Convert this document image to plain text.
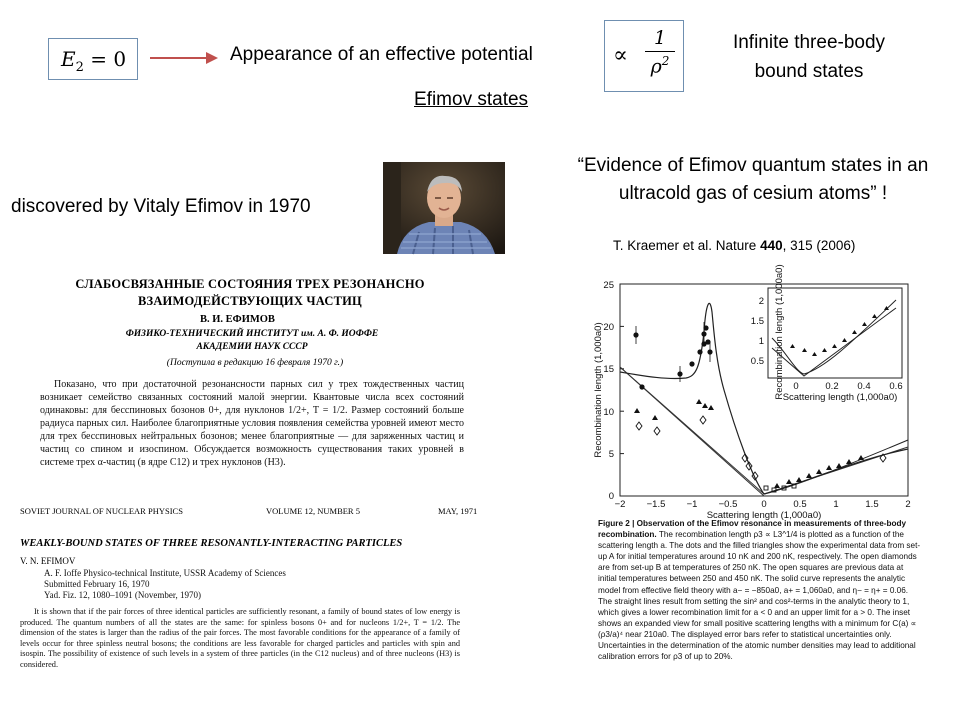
$E_2 = 0$	Appearance of an effective potential	∝
1
$\rho^2$
Infinite three-body bound states
Efimov states
discovered by Vitaly Efimov in 1970
“Evidence of Efimov quantum states in an ultracold gas of cesium atoms” !
T. Kraemer et al. Nature 440, 315 (2006)
СЛАБОСВЯЗАННЫЕ СОСТОЯНИЯ ТРЕХ РЕЗОНАНСНО ВЗАИМОДЕЙСТВУЮЩИХ ЧАСТИЦ
В. И. ЕФИМОВ
ФИЗИКО-ТЕХНИЧЕСКИЙ ИНСТИТУТ им. А. Ф. ИОФФЕ АКАДЕМИИ НАУК СССР
(Поступила в редакцию 16 февраля 1970 г.)
Показано, что при достаточной резонансности парных сил у трех тождественных частиц возникает семейство связанных состояний малой энергии. Квантовые числа всех состояний одинаковы: для бесспиновых бозонов 0+, для нуклонов 1/2+, T = 1/2. Размер состояний больше радиуса парных сил. Наиболее благоприятные условия появления семейства уровней имеют место для трех бесспиновых нейтральных бозонов; менее благоприятные — для заряженных частиц и частиц со спином и изоспином. Обсуждается возможность существования таких уровней в системе трех α-частиц (в ядре C12) и трех нуклонов (H3).
SOVIET JOURNAL OF NUCLEAR PHYSICS	VOLUME 12, NUMBER 5	MAY, 1971
WEAKLY-BOUND STATES OF THREE RESONANTLY-INTERACTING PARTICLES
V. N. EFIMOV
A. F. Ioffe Physico-technical Institute, USSR Academy of Sciences
Submitted February 16, 1970
Yad. Fiz. 12, 1080–1091 (November, 1970)
It is shown that if the pair forces of three identical particles are sufficiently resonant, a family of bound states of low energy is produced. The quantum numbers of all the states are the same: for spinless bosons 0+ and for nucleons 1/2+, T = 1/2. The dimension of the states is larger than the radius of the pair forces. The most favorable conditions for the appearance of a family of levels occur for three spinless neutral bosons; the conditions are less favorable for charged particles and particles with spin and isospin. The possibility of existence of such levels in a system of three particles (in the C12 nucleus) and of three nucleons (H3) is considered.
25
20
15
10
5
0
−2 −1.5 −1 −0.5	0	0.5	1	1.5	2
Scattering length (1,000a0)
Recombination length (1,000a0)
2
1.5
1
0.5
0	0.2 0.4 0.6
Scattering length (1,000a0)
Recombination length (1,000a0)
Figure 2 | Observation of the Efimov resonance in measurements of three-body recombination. The recombination length ρ3 ∝ L3^1/4 is plotted as a function of the scattering length a. The dots and the filled triangles show the experimental data from set-up A for initial temperatures around 10 nK and 200 nK, respectively. The open diamonds are from set-up B at temperatures of 250 nK. The open squares are previous data at initial temperatures between 250 and 450 nK. The solid curve represents the analytic model from effective field theory with a− = −850a0, a+ = 1,060a0, and η− = η+ = 0.06. The straight lines result from setting the sin² and cos²-terms in the analytic theory to 1, which gives a lower recombination limit for a < 0 and an upper limit for a > 0. The inset shows an expanded view for small positive scattering lengths with a minimum for C(a) ∝ (ρ3/a)⁴ near 210a0. The displayed error bars refer to statistical uncertainties only. Uncertainties in the determination of the atomic number densities may lead to additional calibration errors for ρ3 of up to 20%.
